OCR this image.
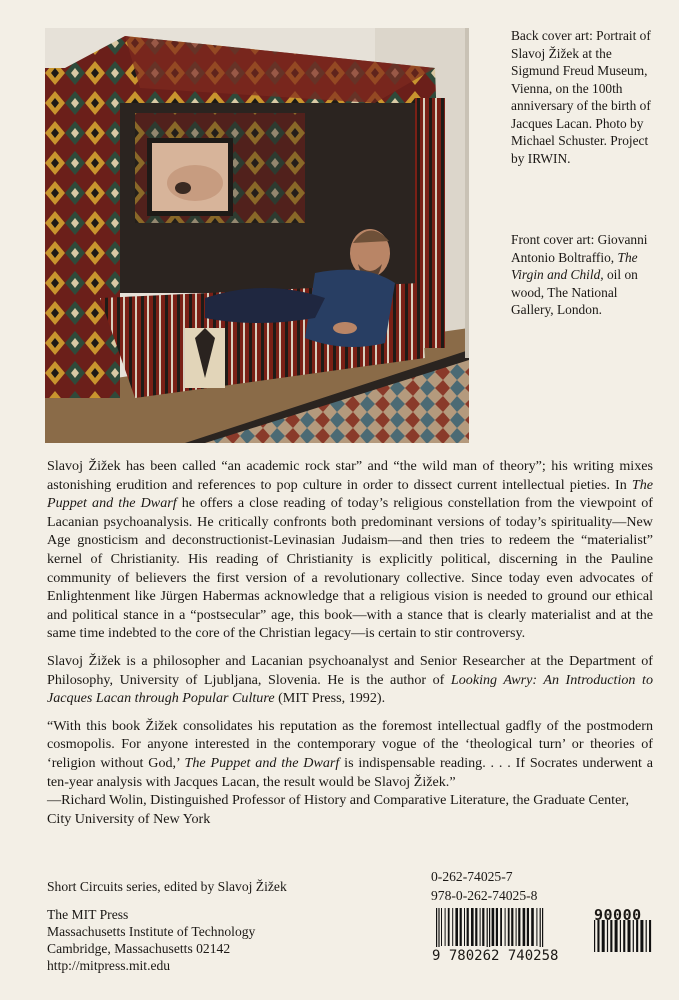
Back cover art: Portrait of Slavoj Žižek at the Sigmund Freud Museum, Vienna, on the 100th anniversary of the birth of Jacques Lacan. Photo by Michael Schuster. Project by IRWIN.

Front cover art: Giovanni Antonio Boltraffio, The Virgin and Child, oil on wood, The National Gallery, London.

Slavoj Žižek has been called “an academic rock star” and “the wild man of theory”; his writing mixes astonishing erudition and references to pop culture in order to dissect current intellectual pieties. In The Puppet and the Dwarf he offers a close reading of today’s religious constellation from the viewpoint of Lacanian psychoanalysis. He critically confronts both predominant versions of today’s spirituality—New Age gnosticism and deconstructionist-Levinasian Judaism—and then tries to redeem the “materialist” kernel of Christianity. His reading of Christianity is explicitly political, discerning in the Pauline community of believers the first version of a revolutionary collective. Since today even advocates of Enlightenment like Jürgen Habermas acknowledge that a religious vision is needed to ground our ethical and political stance in a “postsecular” age, this book—with a stance that is clearly materialist and at the same time indebted to the core of the Christian legacy—is certain to stir controversy.

Slavoj Žižek is a philosopher and Lacanian psychoanalyst and Senior Researcher at the Department of Philosophy, University of Ljubljana, Slovenia. He is the author of Looking Awry: An Introduction to Jacques Lacan through Popular Culture (MIT Press, 1992).

“With this book Žižek consolidates his reputation as the foremost intellectual gadfly of the postmodern cosmopolis. For anyone interested in the contemporary vogue of the ‘theological turn’ or theories of ‘religion without God,’ The Puppet and the Dwarf is indispensable reading. . . . If Socrates underwent a ten-year analysis with Jacques Lacan, the result would be Slavoj Žižek.”

—Richard Wolin, Distinguished Professor of History and Comparative Literature, the Graduate Center, City University of New York

Short Circuits series, edited by Slavoj Žižek
The MIT Press
Massachusetts Institute of Technology
Cambridge, Massachusetts 02142
http://mitpress.mit.edu
0-262-74025-7
978-0-262-74025-8
9 780262 740258
90000
